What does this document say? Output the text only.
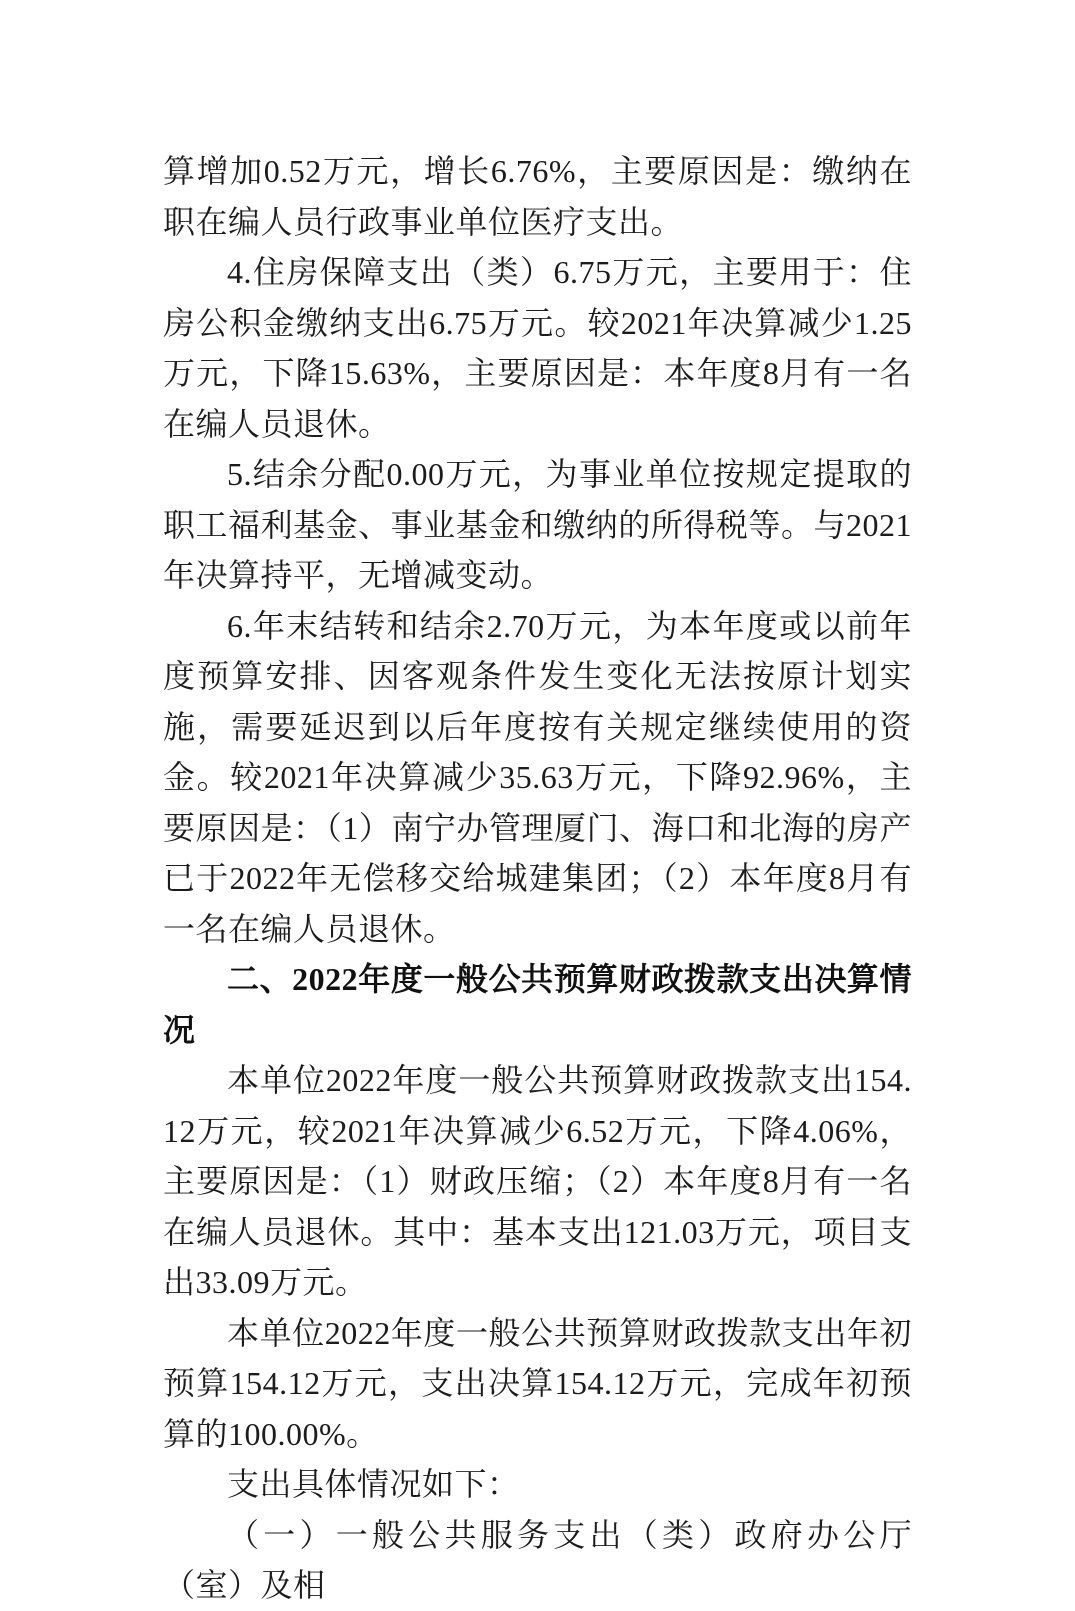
算增加0.52万元，增长6.76%，主要原因是：缴纳在职在编人员行政事业单位医疗支出。

4.住房保障支出（类）6.75万元，主要用于：住房公积金缴纳支出6.75万元。较2021年决算减少1.25万元，下降15.63%，主要原因是：本年度8月有一名在编人员退休。

5.结余分配0.00万元，为事业单位按规定提取的职工福利基金、事业基金和缴纳的所得税等。与2021年决算持平，无增减变动。

6.年末结转和结余2.70万元，为本年度或以前年度预算安排、因客观条件发生变化无法按原计划实施，需要延迟到以后年度按有关规定继续使用的资金。较2021年决算减少35.63万元，下降92.96%，主要原因是：（1）南宁办管理厦门、海口和北海的房产已于2022年无偿移交给城建集团；（2）本年度8月有一名在编人员退休。

二、2022年度一般公共预算财政拨款支出决算情况

本单位2022年度一般公共预算财政拨款支出154.12万元，较2021年决算减少6.52万元，下降4.06%，主要原因是：（1）财政压缩；（2）本年度8月有一名在编人员退休。其中：基本支出121.03万元，项目支出33.09万元。

本单位2022年度一般公共预算财政拨款支出年初预算154.12万元，支出决算154.12万元，完成年初预算的100.00%。

支出具体情况如下：

（一）一般公共服务支出（类）政府办公厅（室）及相
